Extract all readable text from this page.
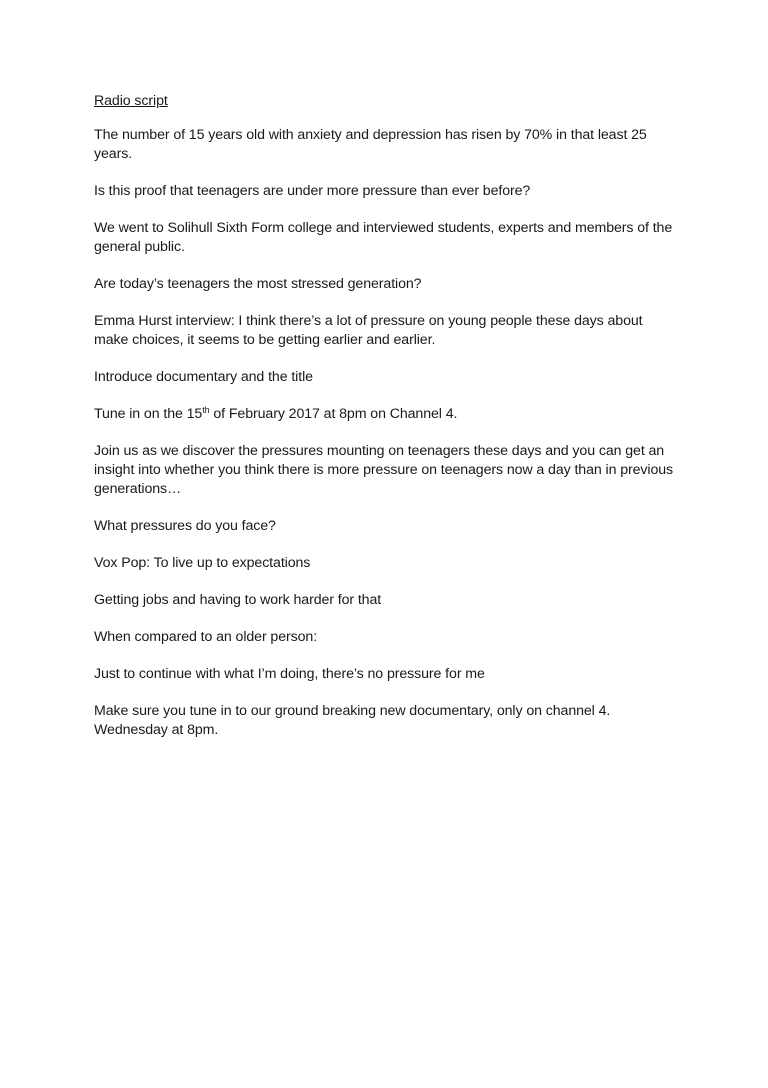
Radio script

The number of 15 years old with anxiety and depression has risen by 70% in that least 25 years.

Is this proof that teenagers are under more pressure than ever before?

We went to Solihull Sixth Form college and interviewed students, experts and members of the general public.

Are today’s teenagers the most stressed generation?

Emma Hurst interview: I think there’s a lot of pressure on young people these days about make choices, it seems to be getting earlier and earlier.

Introduce documentary and the title

Tune in on the 15th of February 2017 at 8pm on Channel 4.

Join us as we discover the pressures mounting on teenagers these days and you can get an insight into whether you think there is more pressure on teenagers now a day than in previous generations…

What pressures do you face?

Vox Pop: To live up to expectations

Getting jobs and having to work harder for that

When compared to an older person:

Just to continue with what I’m doing, there’s no pressure for me

Make sure you tune in to our ground breaking new documentary, only on channel 4.
Wednesday at 8pm.
